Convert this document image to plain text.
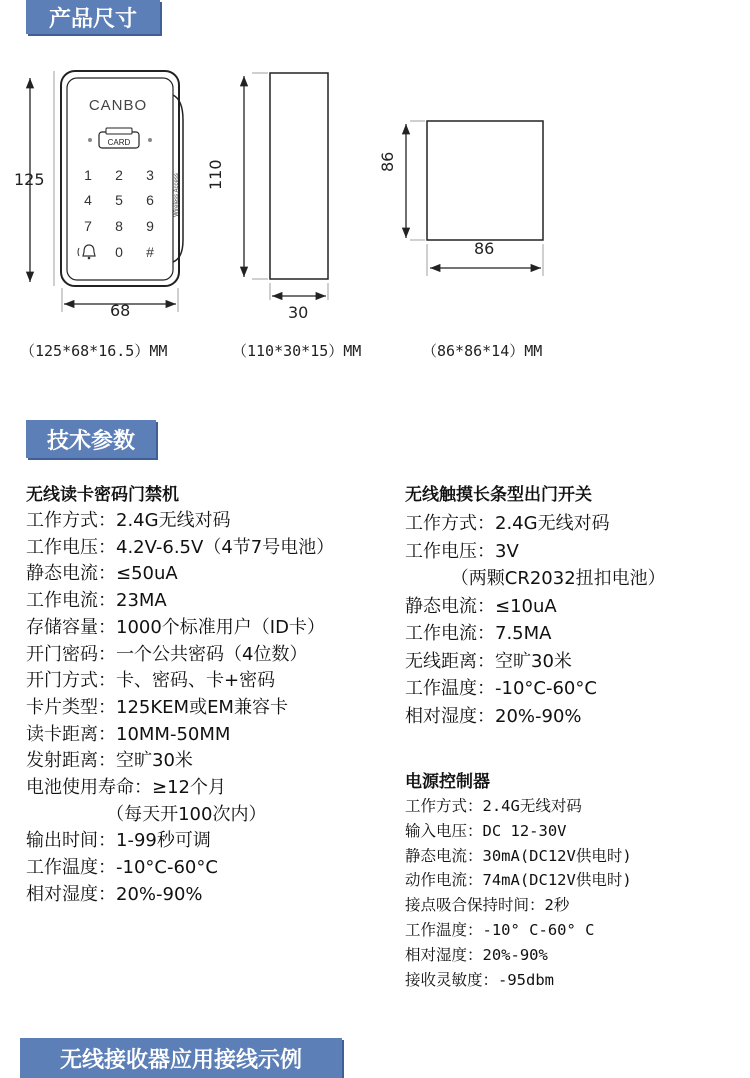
产品尺寸
CANBO
CARD
Wireless Access
1 2 3
4 5 6
7 8 9
0 #
125
68
110
30
86
86
（125*68*16.5）MM	（110*30*15）MM	（86*86*14）MM
技术参数
无线读卡密码门禁机
工作方式：2.4G无线对码
工作电压：4.2V-6.5V（4节7号电池）
静态电流：≤50uA
工作电流：23MA
存储容量：1000个标准用户（ID卡）
开门密码：一个公共密码（4位数）
开门方式：卡、密码、卡+密码
卡片类型：125KEM或EM兼容卡
读卡距离：10MM-50MM
发射距离：空旷30米
电池使用寿命：≥12个月
（每天开100次内）
输出时间：1-99秒可调
工作温度：-10°C-60°C
相对湿度：20%-90%
无线触摸长条型出门开关
工作方式：2.4G无线对码
工作电压：3V
（两颗CR2032扭扣电池）
静态电流：≤10uA
工作电流：7.5MA
无线距离：空旷30米
工作温度：-10°C-60°C
相对湿度：20%-90%
电源控制器
工作方式：2.4G无线对码
输入电压：DC 12-30V
静态电流：30mA(DC12V供电时)
动作电流：74mA(DC12V供电时)
接点吸合保持时间：2秒
工作温度：-10° C-60° C
相对湿度：20%-90%
接收灵敏度：-95dbm
无线接收器应用接线示例
